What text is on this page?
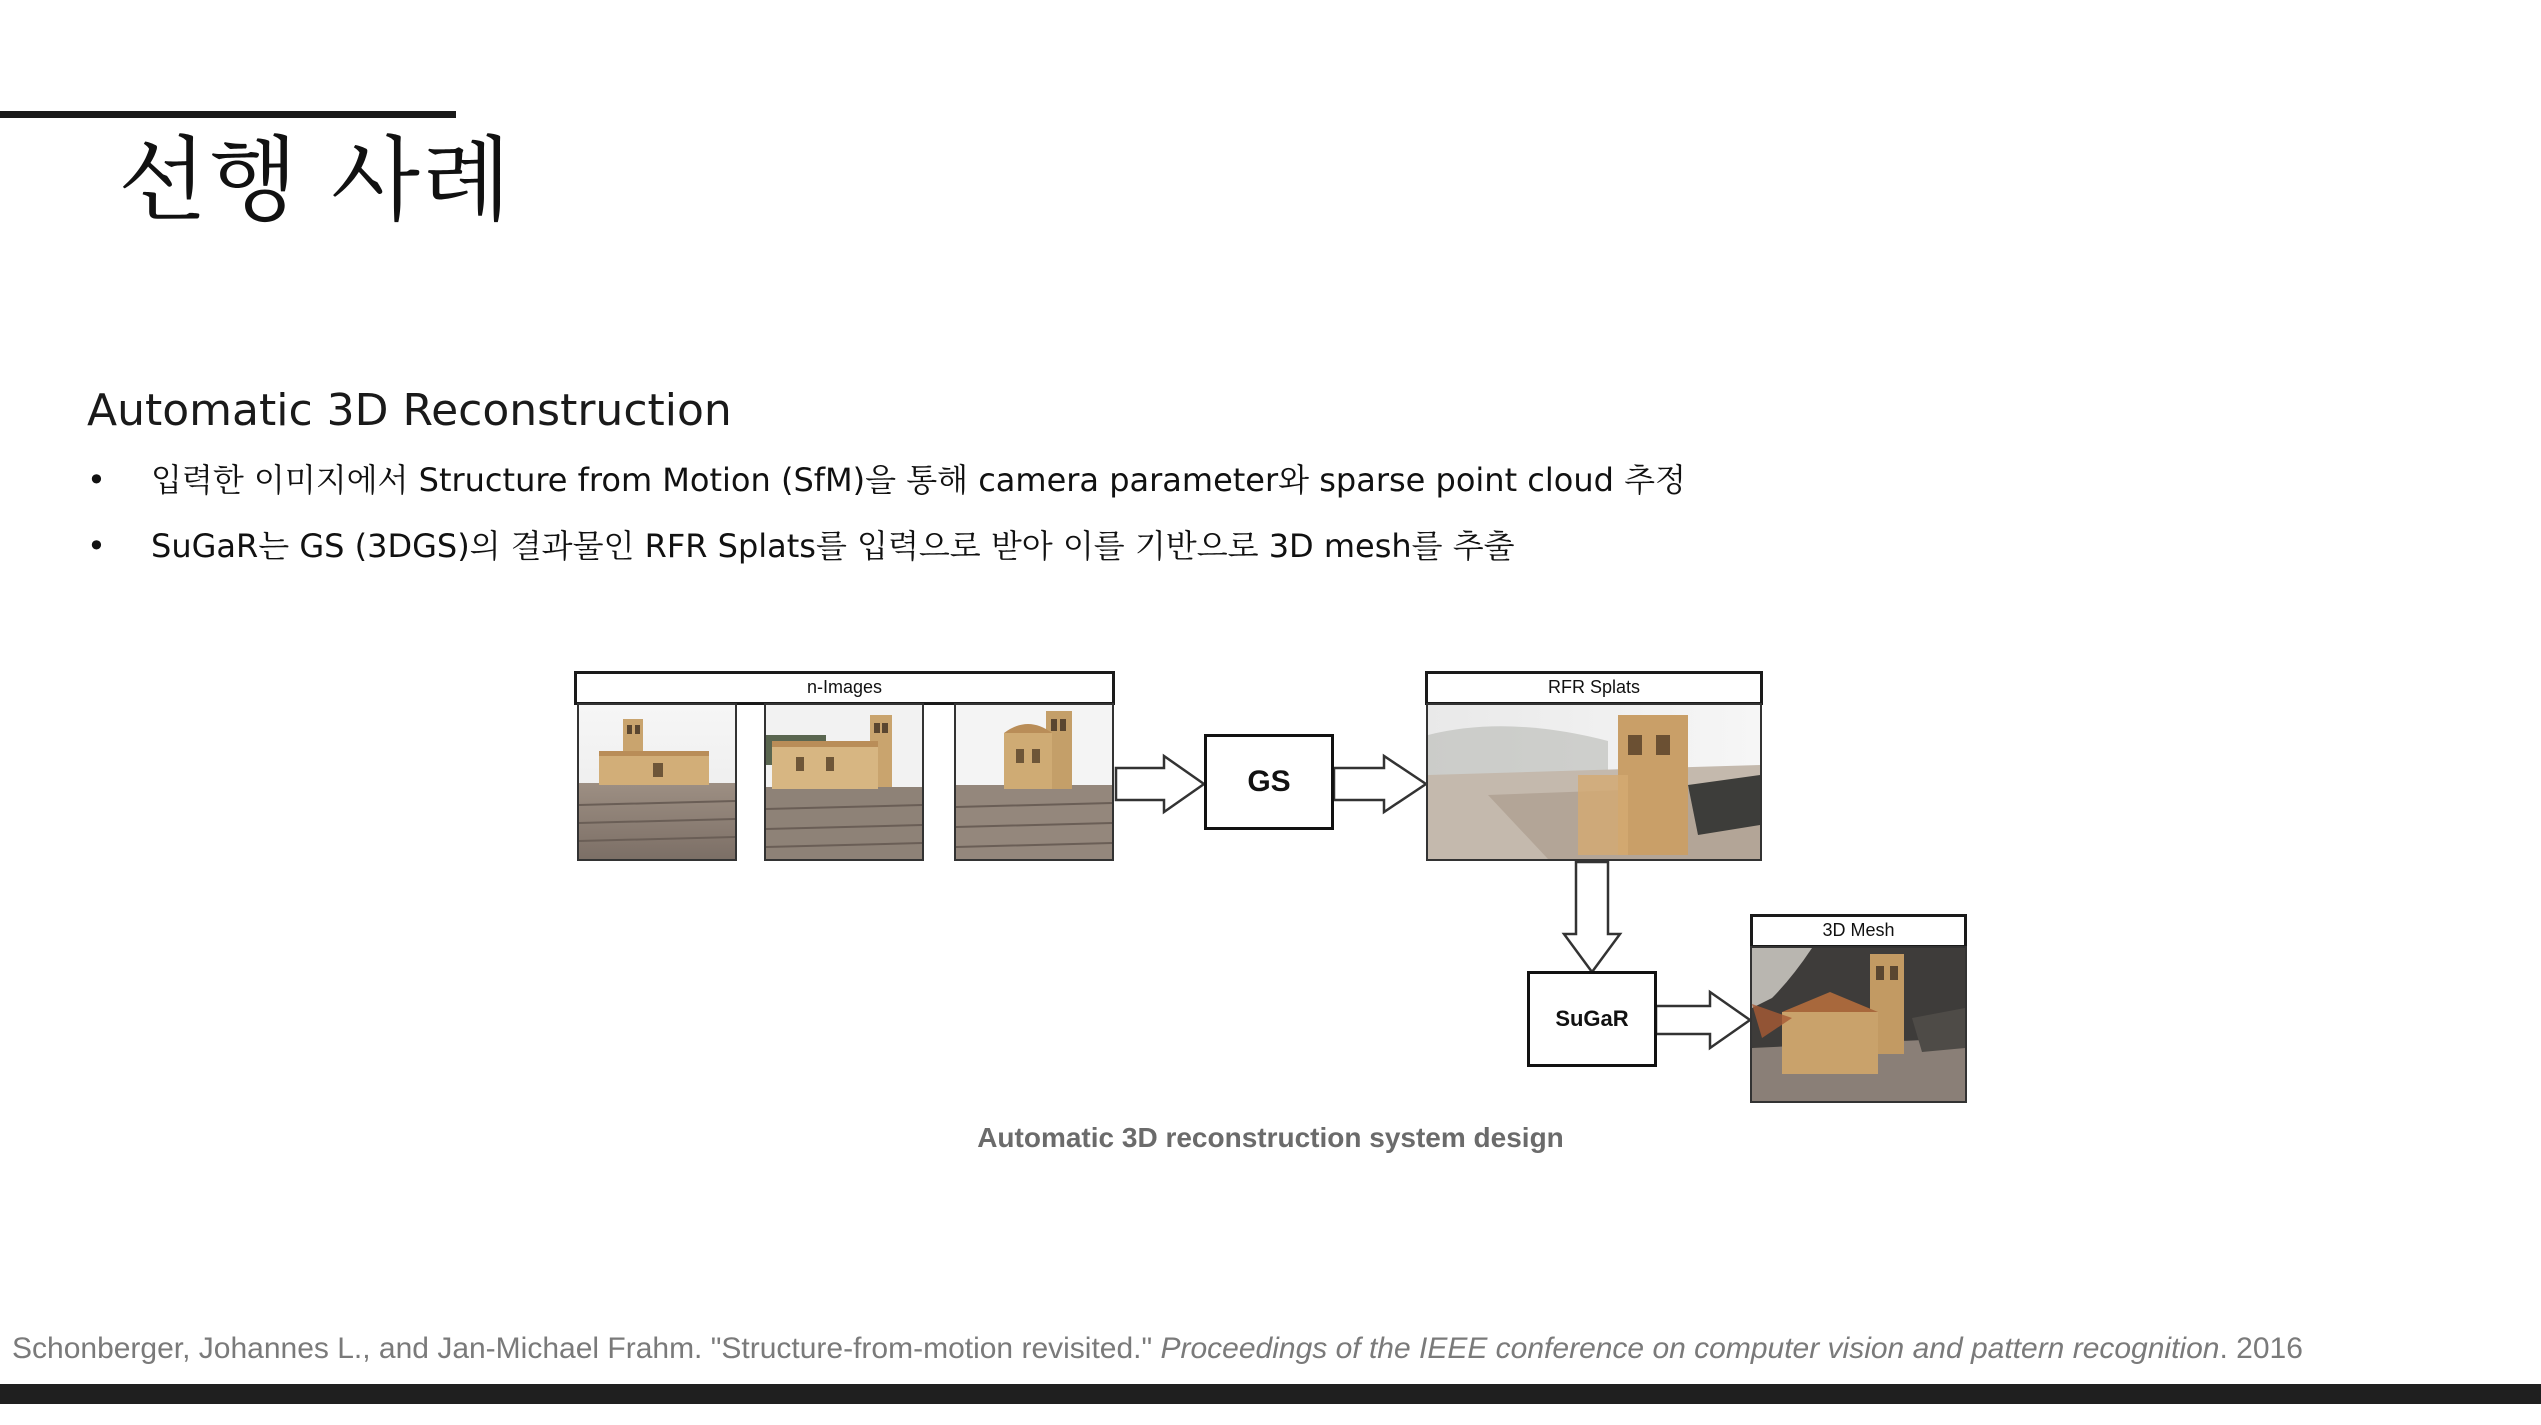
선행 사례
Automatic 3D Reconstruction
• 입력한 이미지에서 Structure from Motion (SfM)을 통해 camera parameter와 sparse point cloud 추정
• SuGaR는 GS (3DGS)의 결과물인 RFR Splats를 입력으로 받아 이를 기반으로 3D mesh를 추출
n-Images
GS
RFR Splats
SuGaR
3D Mesh
Automatic 3D reconstruction system design
Schonberger, Johannes L., and Jan-Michael Frahm. "Structure-from-motion revisited." Proceedings of the IEEE conference on computer vision and pattern recognition. 2016
